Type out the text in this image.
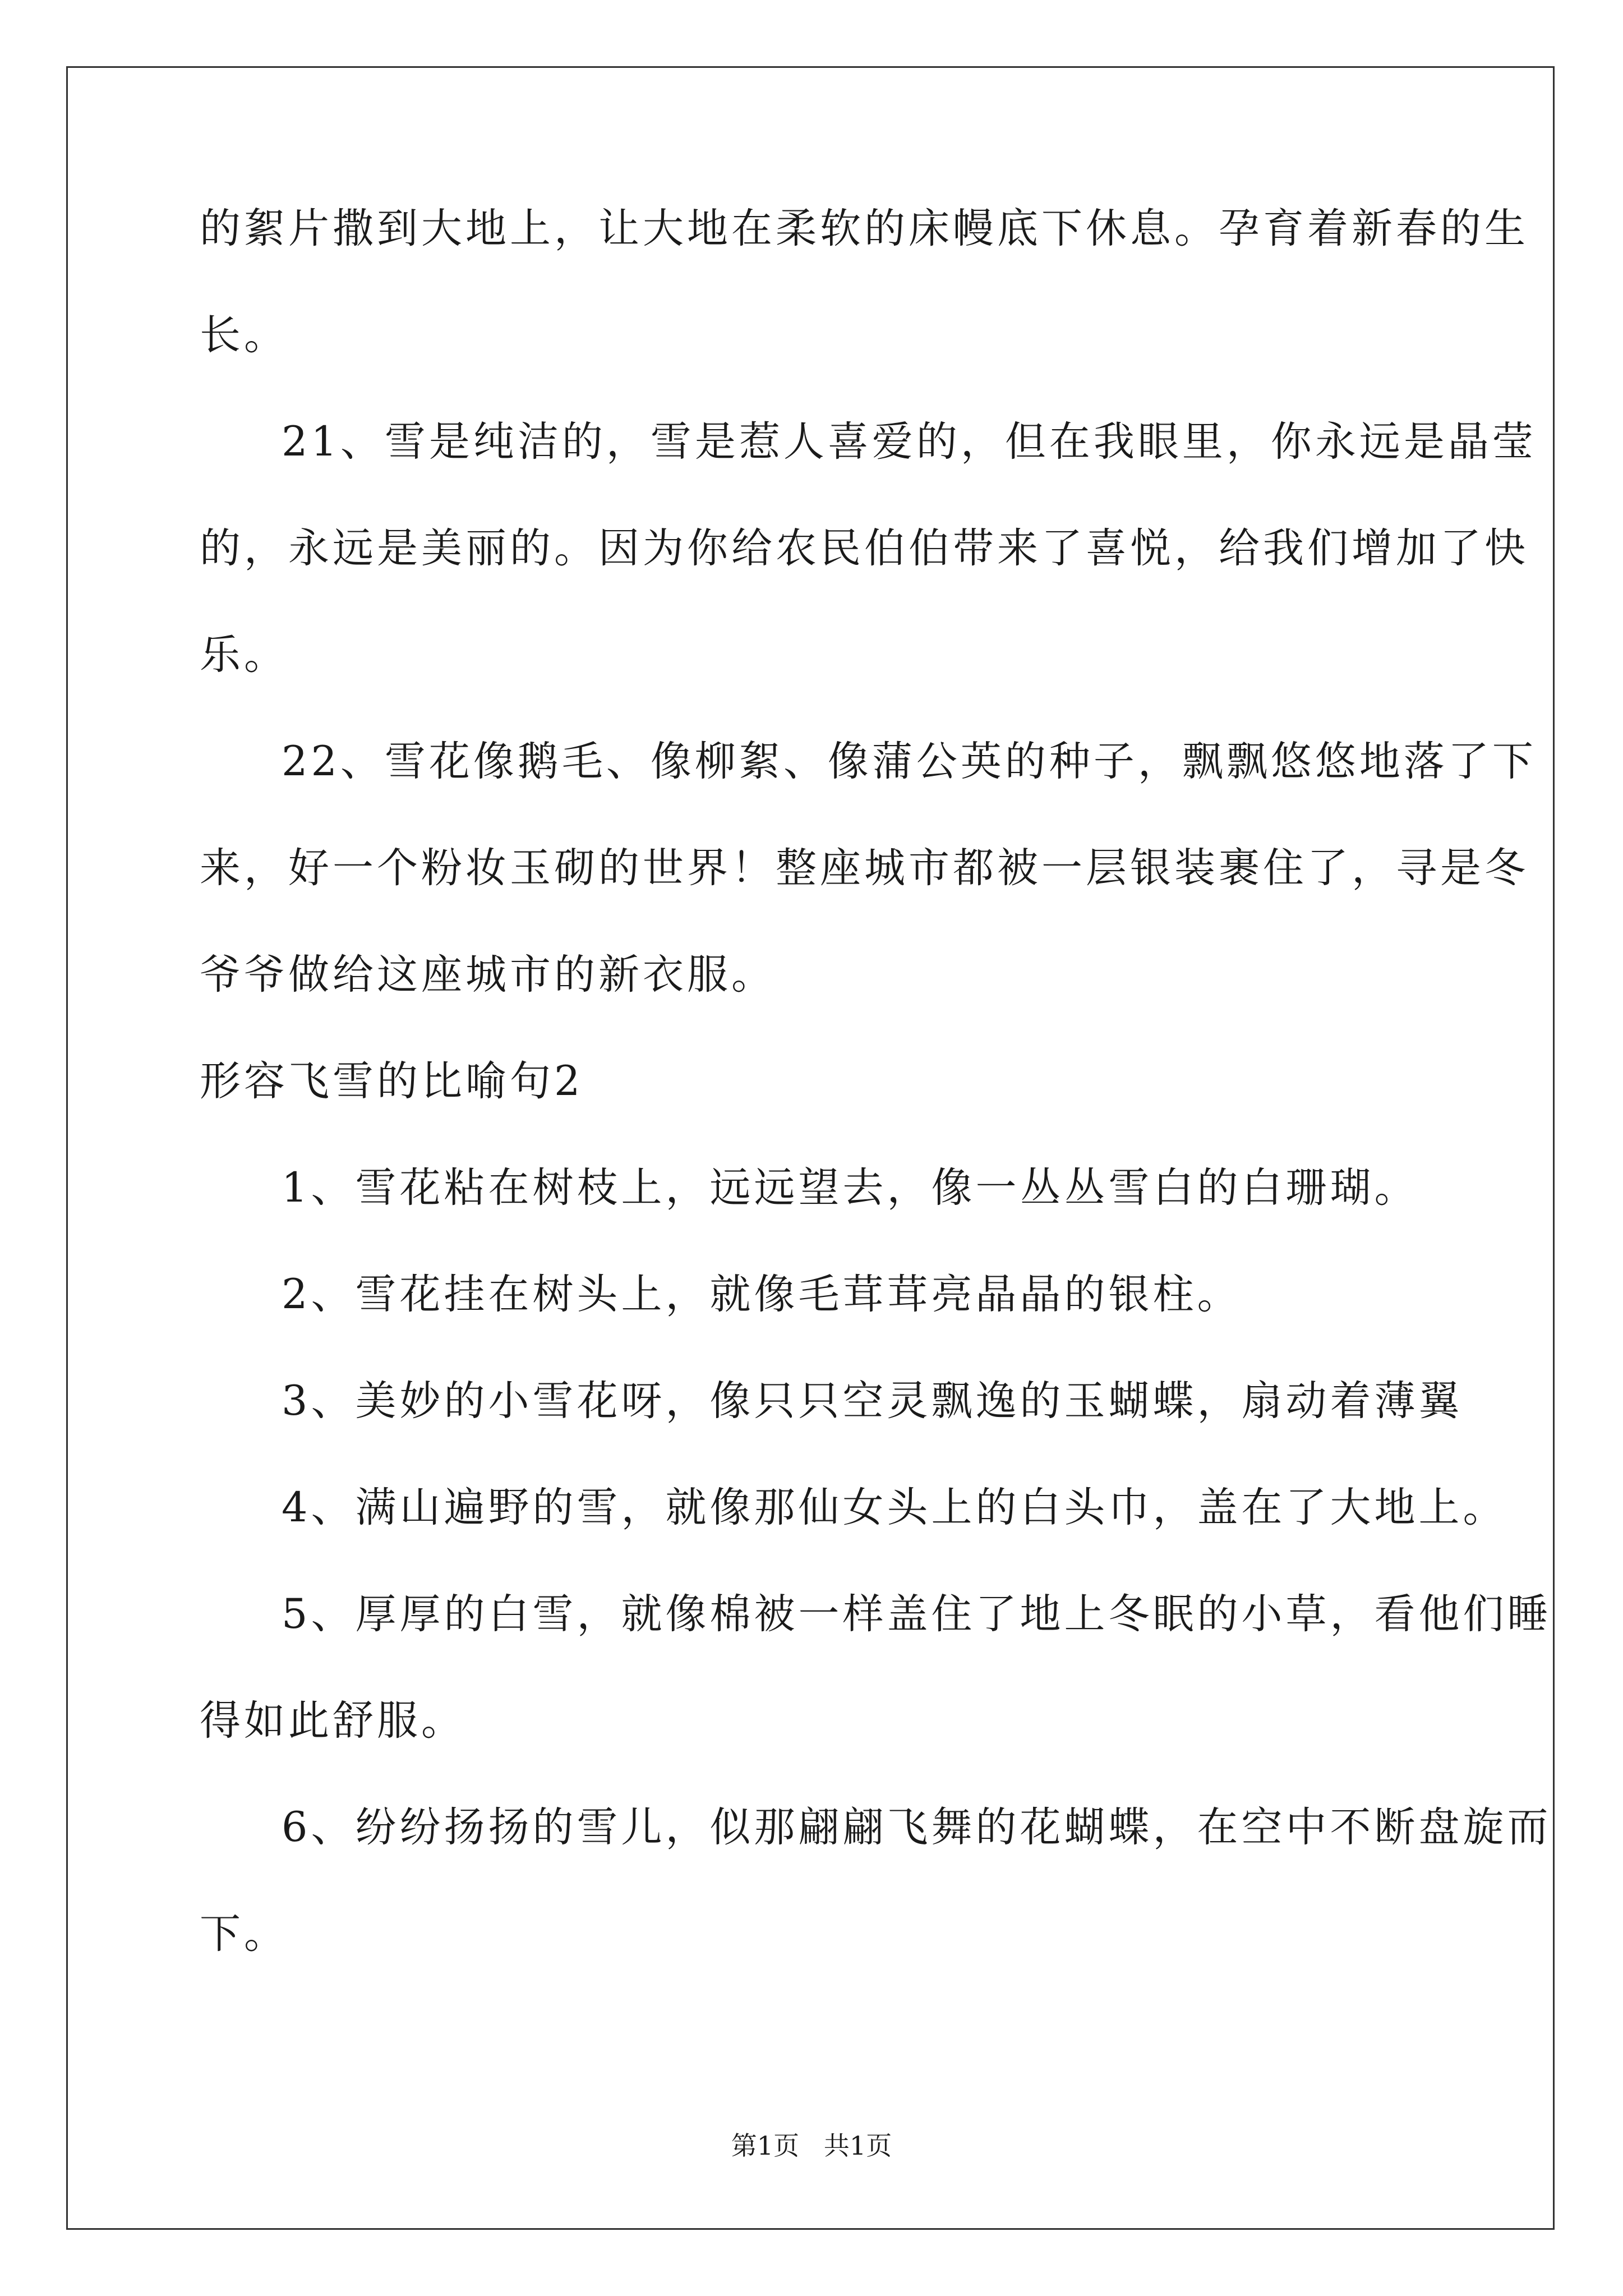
的絮片撒到大地上，让大地在柔软的床幔底下休息。孕育着新春的生
长。
21、雪是纯洁的，雪是惹人喜爱的，但在我眼里，你永远是晶莹
的，永远是美丽的。因为你给农民伯伯带来了喜悦，给我们增加了快
乐。
22、雪花像鹅毛、像柳絮、像蒲公英的种子，飘飘悠悠地落了下
来，好一个粉妆玉砌的世界！整座城市都被一层银装裹住了，寻是冬
爷爷做给这座城市的新衣服。
形容飞雪的比喻句2
1、雪花粘在树枝上，远远望去，像一丛丛雪白的白珊瑚。
2、雪花挂在树头上，就像毛茸茸亮晶晶的银柱。
3、美妙的小雪花呀，像只只空灵飘逸的玉蝴蝶，扇动着薄翼
4、满山遍野的雪，就像那仙女头上的白头巾，盖在了大地上。
5、厚厚的白雪，就像棉被一样盖住了地上冬眠的小草，看他们睡
得如此舒服。
6、纷纷扬扬的雪儿，似那翩翩飞舞的花蝴蝶，在空中不断盘旋而
下。
第1页   共1页
